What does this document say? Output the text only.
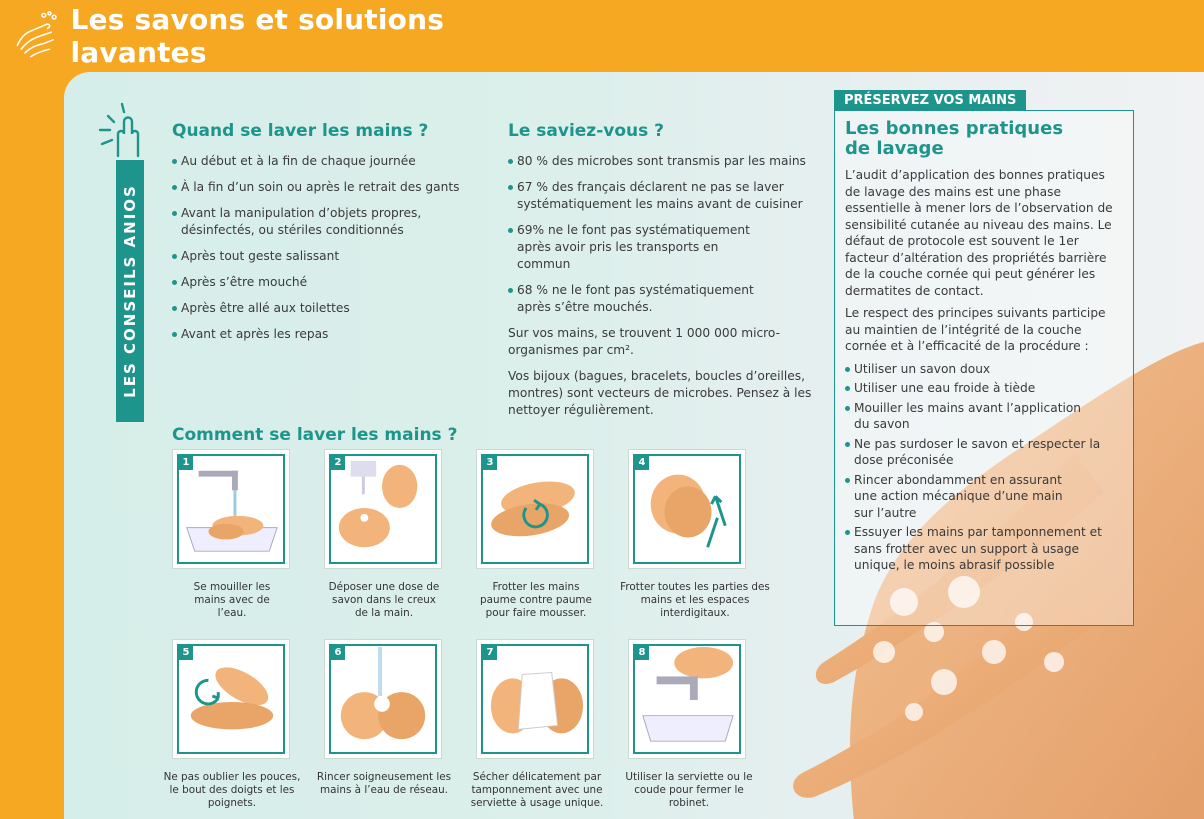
Les savons et solutions lavantes
LES CONSEILS ANIOS
Quand se laver les mains ?
Au début et à la fin de chaque journée
À la fin d’un soin ou après le retrait des gants
Avant la manipulation d’objets propres, désinfectés, ou stériles conditionnés
Après tout geste salissant
Après s’être mouché
Après être allé aux toilettes
Avant et après les repas
Le saviez-vous ?
80 % des microbes sont transmis par les mains
67 % des français déclarent ne pas se laver systématiquement les mains avant de cuisiner
69% ne le font pas systématiquement après avoir pris les transports en commun
68 % ne le font pas systématiquement après s’être mouchés.

Sur vos mains, se trouvent 1 000 000 micro-organismes par cm².

Vos bijoux (bagues, bracelets, boucles d’oreilles, montres) sont vecteurs de microbes. Pensez à les nettoyer régulièrement.

Comment se laver les mains ?
1
Se mouiller les mains avec de l’eau.
2
Déposer une dose de savon dans le creux de la main.
3
Frotter les mains paume contre paume pour faire mousser.
4
Frotter toutes les parties des mains et les espaces interdigitaux.
5
Ne pas oublier les pouces, le bout des doigts et les poignets.
6
Rincer soigneusement les mains à l’eau de réseau.
7
Sécher délicatement par tamponnement avec une serviette à usage unique.
8
Utiliser la serviette ou le coude pour fermer le robinet.
PRÉSERVEZ VOS MAINS
Les bonnes pratiques de lavage

L’audit d’application des bonnes pratiques de lavage des mains est une phase essentielle à mener lors de l’observation de sensibilité cutanée au niveau des mains. Le défaut de protocole est souvent le 1er facteur d’altération des propriétés barrière de la couche cornée qui peut générer les dermatites de contact.

Le respect des principes suivants participe au maintien de l’intégrité de la couche cornée et à l’efficacité de la procédure :

Utiliser un savon doux
Utiliser une eau froide à tiède
Mouiller les mains avant l’application du savon
Ne pas surdoser le savon et respecter la dose préconisée
Rincer abondamment en assurant une action mécanique d’une main sur l’autre
Essuyer les mains par tamponnement et sans frotter avec un support à usage unique, le moins abrasif possible
